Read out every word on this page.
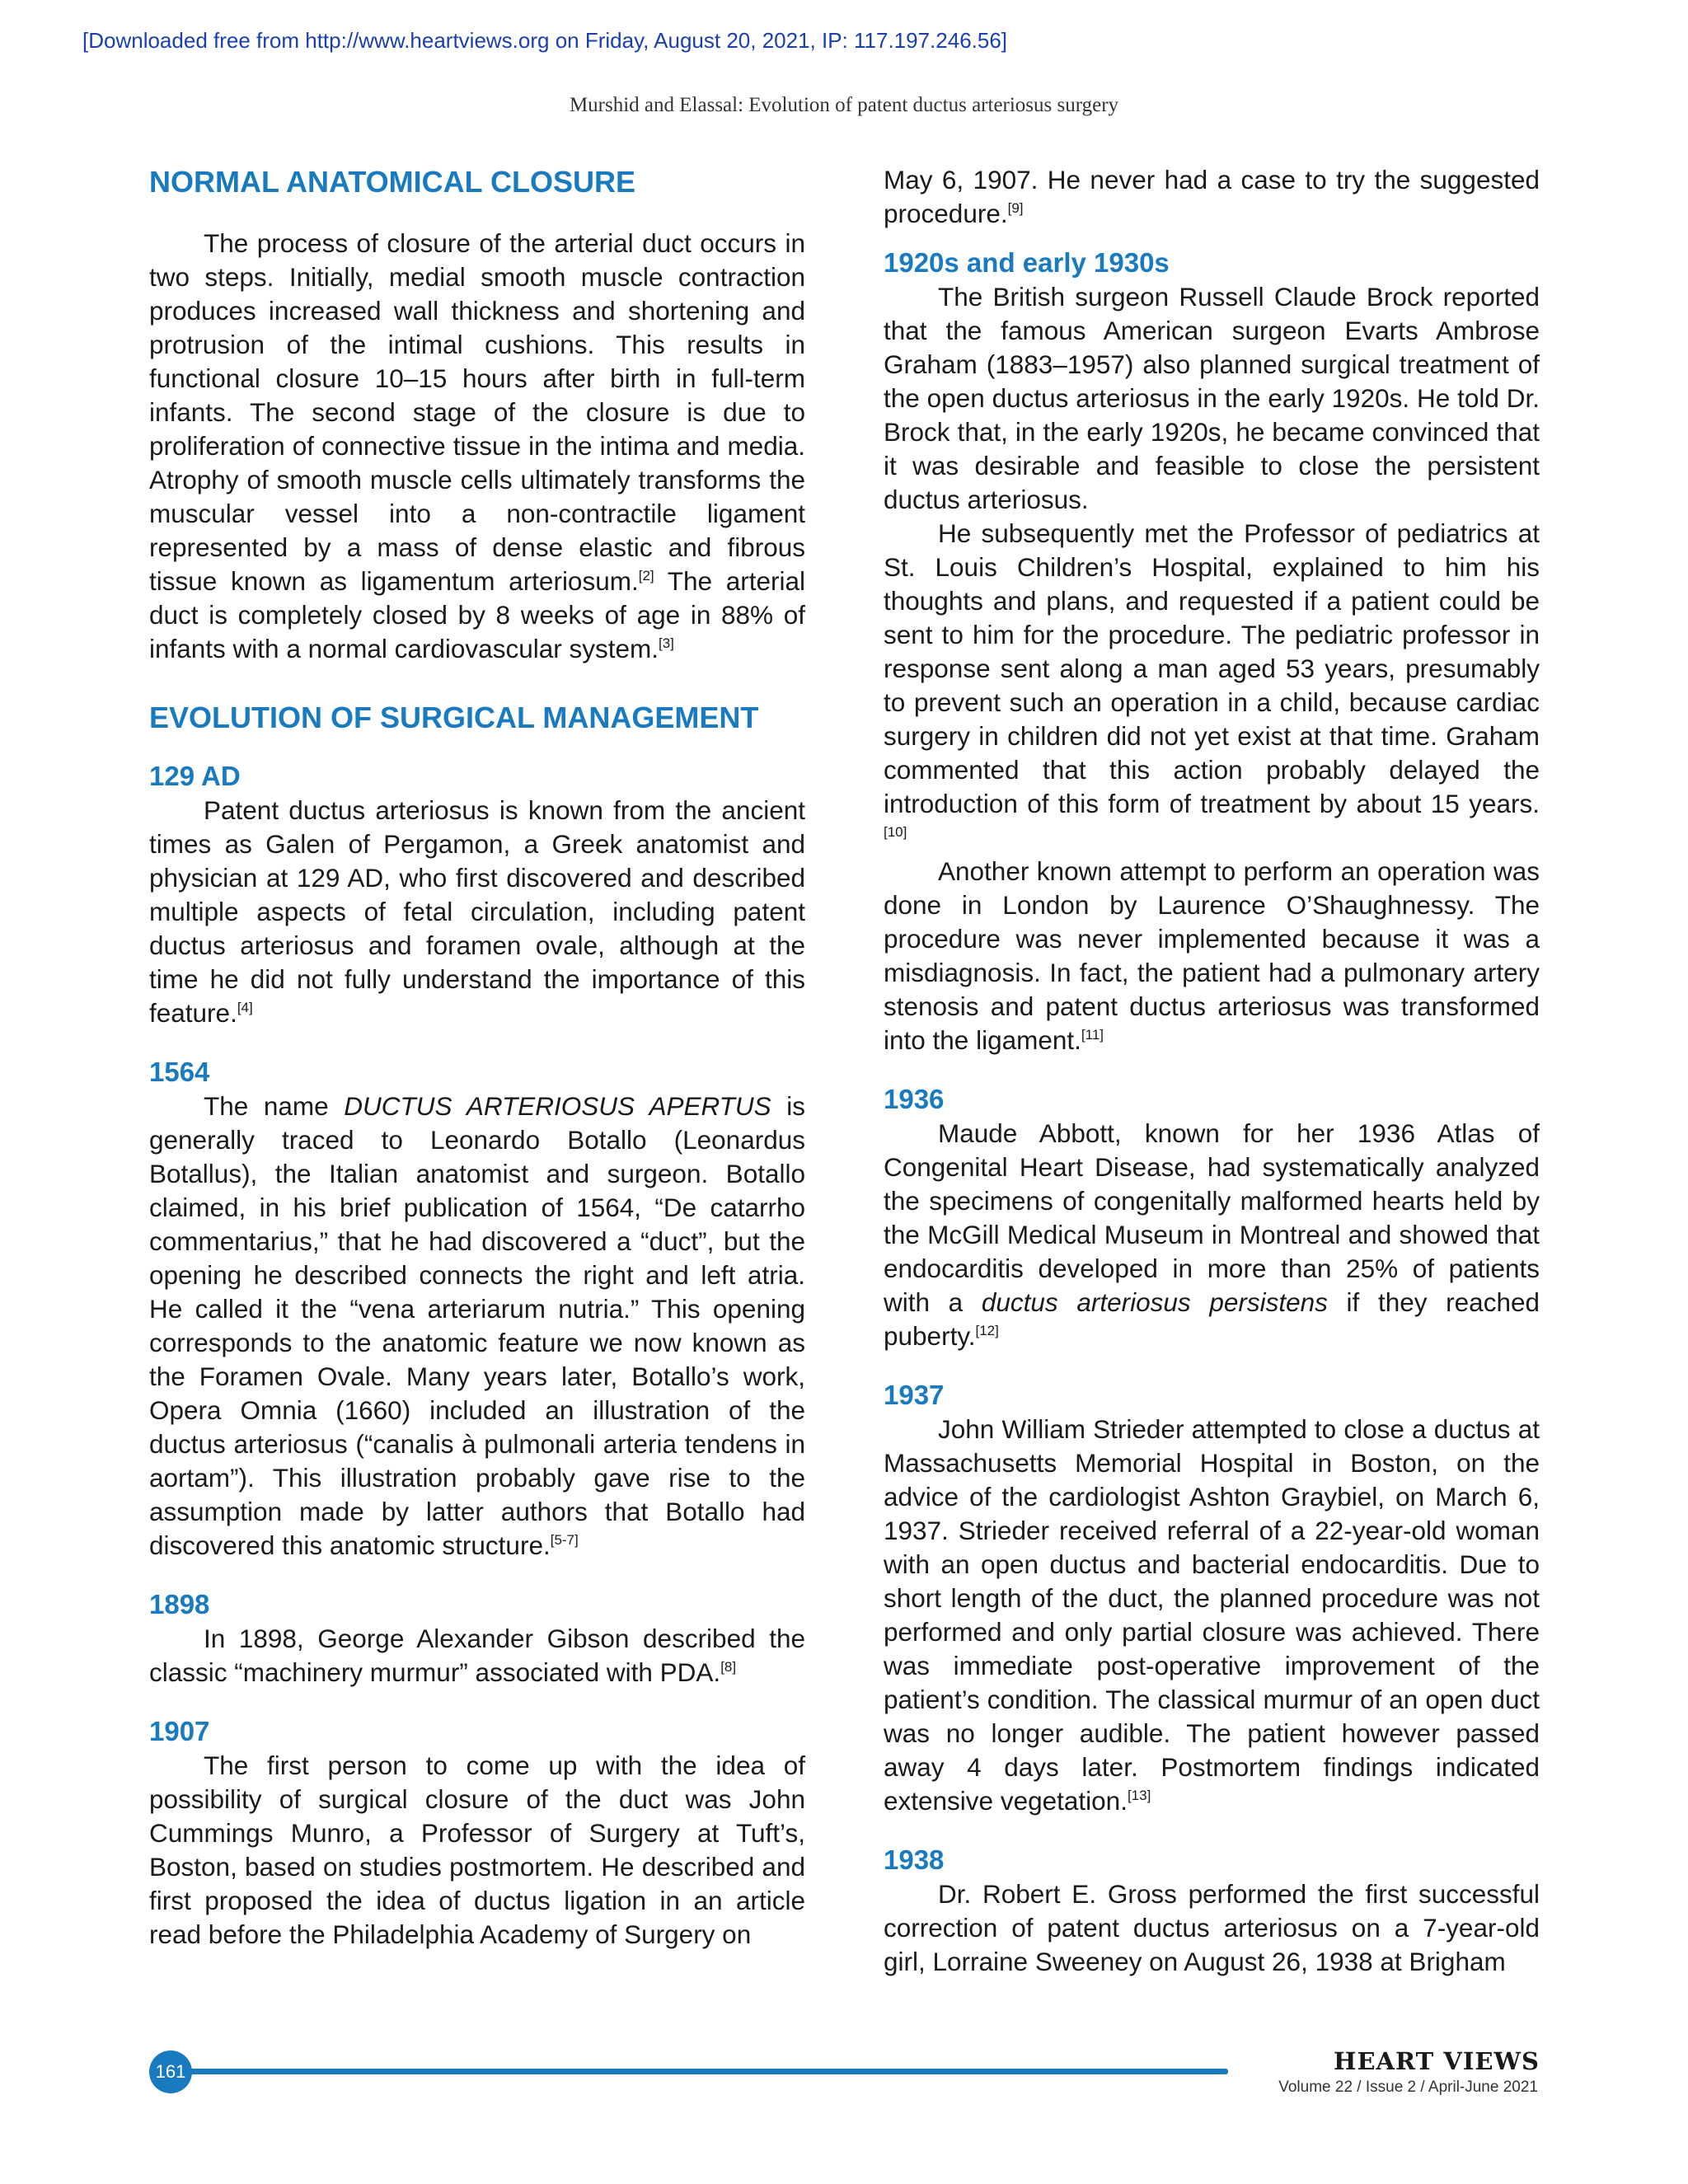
[Downloaded free from http://www.heartviews.org on Friday, August 20, 2021, IP: 117.197.246.56]
Murshid and Elassal: Evolution of patent ductus arteriosus surgery
NORMAL ANATOMICAL CLOSURE

The process of closure of the arterial duct occurs in two steps. Initially, medial smooth muscle contraction produces increased wall thickness and shortening and protrusion of the intimal cushions. This results in functional closure 10–15 hours after birth in full-term infants. The second stage of the closure is due to proliferation of connective tissue in the intima and media. Atrophy of smooth muscle cells ultimately transforms the muscular vessel into a non-contractile ligament represented by a mass of dense elastic and fibrous tissue known as ligamentum arteriosum.[2] The arterial duct is completely closed by 8 weeks of age in 88% of infants with a normal cardiovascular system.[3]

EVOLUTION OF SURGICAL MANAGEMENT
129 AD

Patent ductus arteriosus is known from the ancient times as Galen of Pergamon, a Greek anatomist and physician at 129 AD, who first discovered and described multiple aspects of fetal circulation, including patent ductus arteriosus and foramen ovale, although at the time he did not fully understand the importance of this feature.[4]

1564

The name DUCTUS ARTERIOSUS APERTUS is generally traced to Leonardo Botallo (Leonardus Botallus), the Italian anatomist and surgeon. Botallo claimed, in his brief publication of 1564, “De catarrho commentarius,” that he had discovered a “duct”, but the opening he described connects the right and left atria. He called it the “vena arteriarum nutria.” This opening corresponds to the anatomic feature we now known as the Foramen Ovale. Many years later, Botallo’s work, Opera Omnia (1660) included an illustration of the ductus arteriosus (“canalis à pulmonali arteria tendens in aortam”). This illustration probably gave rise to the assumption made by latter authors that Botallo had discovered this anatomic structure.[5-7]

1898

In 1898, George Alexander Gibson described the classic “machinery murmur” associated with PDA.[8]

1907

The first person to come up with the idea of possibility of surgical closure of the duct was John Cummings Munro, a Professor of Surgery at Tuft’s, Boston, based on studies postmortem. He described and first proposed the idea of ductus ligation in an article read before the Philadelphia Academy of Surgery on

May 6, 1907. He never had a case to try the suggested procedure.[9]

1920s and early 1930s

The British surgeon Russell Claude Brock reported that the famous American surgeon Evarts Ambrose Graham (1883–1957) also planned surgical treatment of the open ductus arteriosus in the early 1920s. He told Dr. Brock that, in the early 1920s, he became convinced that it was desirable and feasible to close the persistent ductus arteriosus.

He subsequently met the Professor of pediatrics at St. Louis Children’s Hospital, explained to him his thoughts and plans, and requested if a patient could be sent to him for the procedure. The pediatric professor in response sent along a man aged 53 years, presumably to prevent such an operation in a child, because cardiac surgery in children did not yet exist at that time. Graham commented that this action probably delayed the introduction of this form of treatment by about 15 years.[10]

Another known attempt to perform an operation was done in London by Laurence O’Shaughnessy. The procedure was never implemented because it was a misdiagnosis. In fact, the patient had a pulmonary artery stenosis and patent ductus arteriosus was transformed into the ligament.[11]

1936

Maude Abbott, known for her 1936 Atlas of Congenital Heart Disease, had systematically analyzed the specimens of congenitally malformed hearts held by the McGill Medical Museum in Montreal and showed that endocarditis developed in more than 25% of patients with a ductus arteriosus persistens if they reached puberty.[12]

1937

John William Strieder attempted to close a ductus at Massachusetts Memorial Hospital in Boston, on the advice of the cardiologist Ashton Graybiel, on March 6, 1937. Strieder received referral of a 22-year-old woman with an open ductus and bacterial endocarditis. Due to short length of the duct, the planned procedure was not performed and only partial closure was achieved. There was immediate post-operative improvement of the patient’s condition. The classical murmur of an open duct was no longer audible. The patient however passed away 4 days later. Postmortem findings indicated extensive vegetation.[13]

1938

Dr. Robert E. Gross performed the first successful correction of patent ductus arteriosus on a 7-year-old girl, Lorraine Sweeney on August 26, 1938 at Brigham

161	HEART VIEWS
Volume 22 / Issue 2 / April-June 2021
